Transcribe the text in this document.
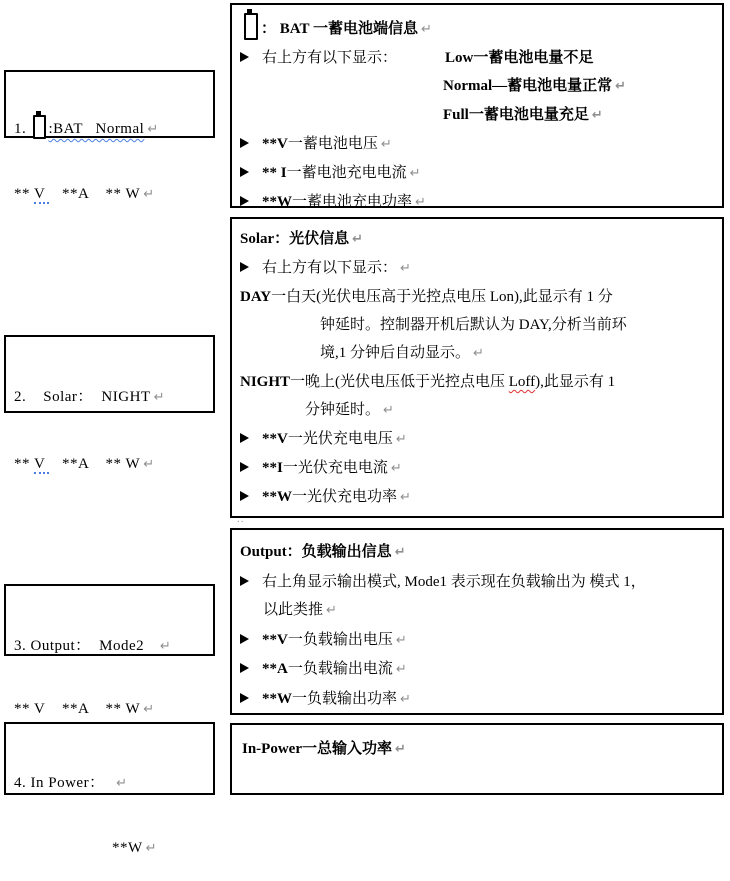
1. :BAT   Normal ↵

** V    **A    ** W ↵

2.    Solar：  NIGHT ↵

** V    **A    ** W ↵

3. Output：  Mode2   ↵

** V    **A    ** W ↵

4. In Power：  ↵

**W ↵

： BAT 一蓄电池端信息 ↵
右上方有以下显示：	Low一蓄电池电量不足
Normal—蓄电池电量正常 ↵
Full一蓄电池电量充足 ↵
**V一蓄电池电压 ↵
** I一蓄电池充电电流 ↵
**W一蓄电池充电功率 ↵
Solar：光伏信息 ↵
右上方有以下显示： ↵
DAY一白天(光伏电压高于光控点电压 Lon),此显示有 1 分
钟延时。控制器开机后默认为 DAY,分析当前环
境,1 分钟后自动显示。 ↵
NIGHT一晚上(光伏电压低于光控点电压 Loff),此显示有 1
分钟延时。 ↵
**V一光伏充电电压 ↵
**I一光伏充电电流 ↵
**W一光伏充电功率 ↵
..
Output：负载输出信息 ↵
右上角显示输出模式, Mode1 表示现在负载输出为 模式 1，
以此类推 ↵
**V一负载输出电压 ↵
**A一负载输出电流 ↵
**W一负载输出功率 ↵
In-Power一总输入功率 ↵
